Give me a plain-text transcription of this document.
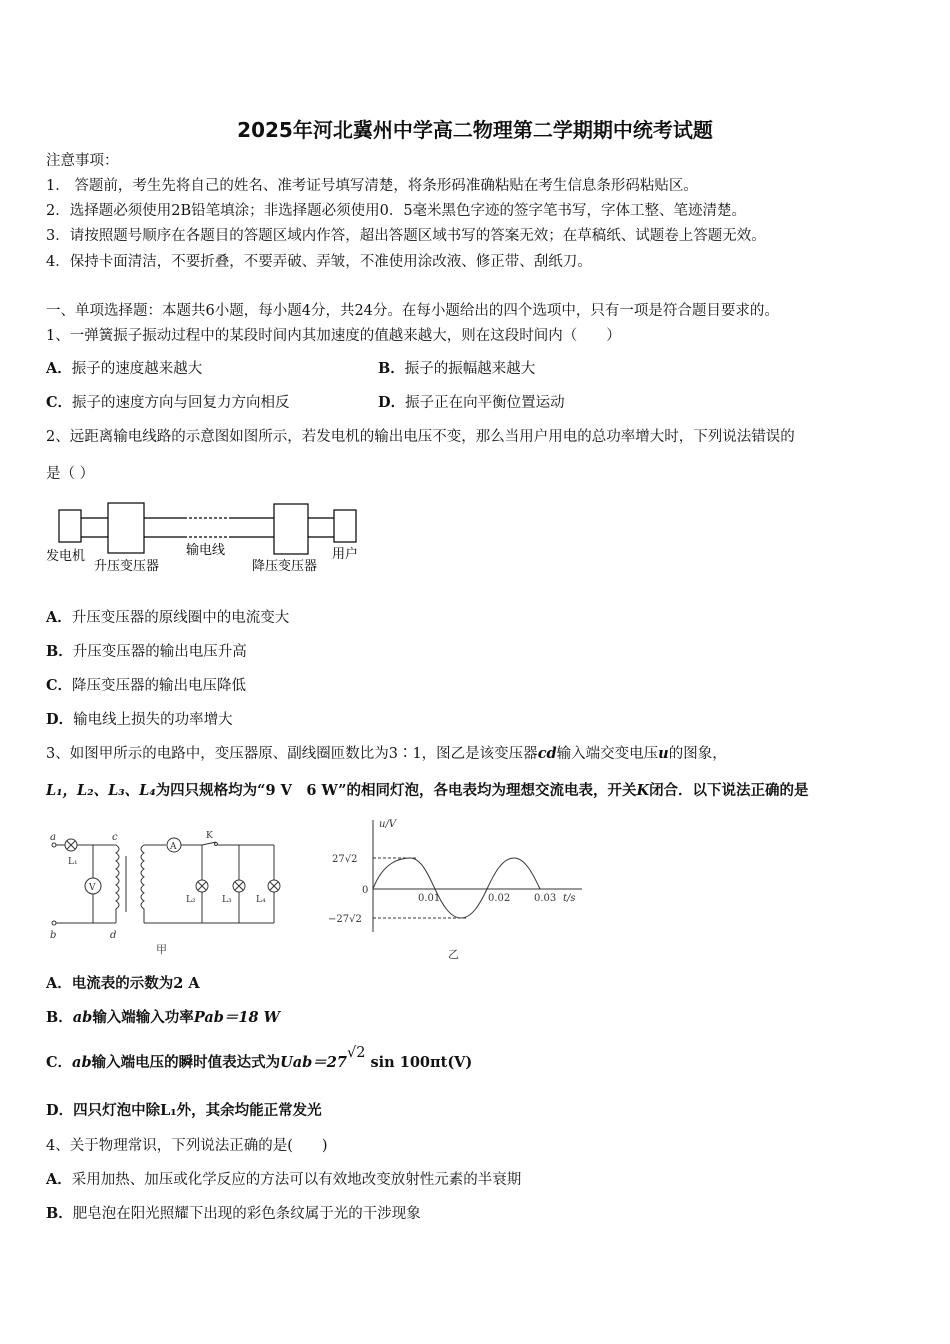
2025年河北冀州中学高二物理第二学期期中统考试题
注意事项：
1． 答题前，考生先将自己的姓名、准考证号填写清楚，将条形码准确粘贴在考生信息条形码粘贴区。
2．选择题必须使用2B铅笔填涂；非选择题必须使用0．5毫米黑色字迹的签字笔书写，字体工整、笔迹清楚。
3．请按照题号顺序在各题目的答题区域内作答，超出答题区域书写的答案无效；在草稿纸、试题卷上答题无效。
4．保持卡面清洁，不要折叠，不要弄破、弄皱，不准使用涂改液、修正带、刮纸刀。
一、单项选择题：本题共6小题，每小题4分，共24分。在每小题给出的四个选项中，只有一项是符合题目要求的。
1、一弹簧振子振动过程中的某段时间内其加速度的值越来越大，则在这段时间内（　　）
A．振子的速度越来越大	B．振子的振幅越来越大
C．振子的速度方向与回复力方向相反	D．振子正在向平衡位置运动
2、远距离输电线路的示意图如图所示，若发电机的输出电压不变，那么当用户用电的总功率增大时，下列说法错误的
是（ ）
发电机
升压变压器
输电线
降压变压器
用户
A．升压变压器的原线圈中的电流变大
B．升压变压器的输出电压升高
C．降压变压器的输出电压降低
D．输电线上损失的功率增大
3、如图甲所示的电路中，变压器原、副线圈匝数比为3∶1，图乙是该变压器cd输入端交变电压u的图象，
L₁，L₂、L₃、L₄为四只规格均为“9 V　6 W”的相同灯泡，各电表均为理想交流电表，开关K闭合．以下说法正确的是
a
b
c
d
L₁
V
A
K
L₂	L₃	L₄
甲
u/V
27√2
0
−27√2
0.01	0.02 0.03 t/s
乙
A．电流表的示数为2 A
B．ab输入端输入功率Pab＝18 W
C．ab输入端电压的瞬时值表达式为Uab＝27√2 sin 100πt(V)
D．四只灯泡中除L₁外，其余均能正常发光
4、关于物理常识，下列说法正确的是(　　)
A．采用加热、加压或化学反应的方法可以有效地改变放射性元素的半衰期
B．肥皂泡在阳光照耀下出现的彩色条纹属于光的干涉现象
